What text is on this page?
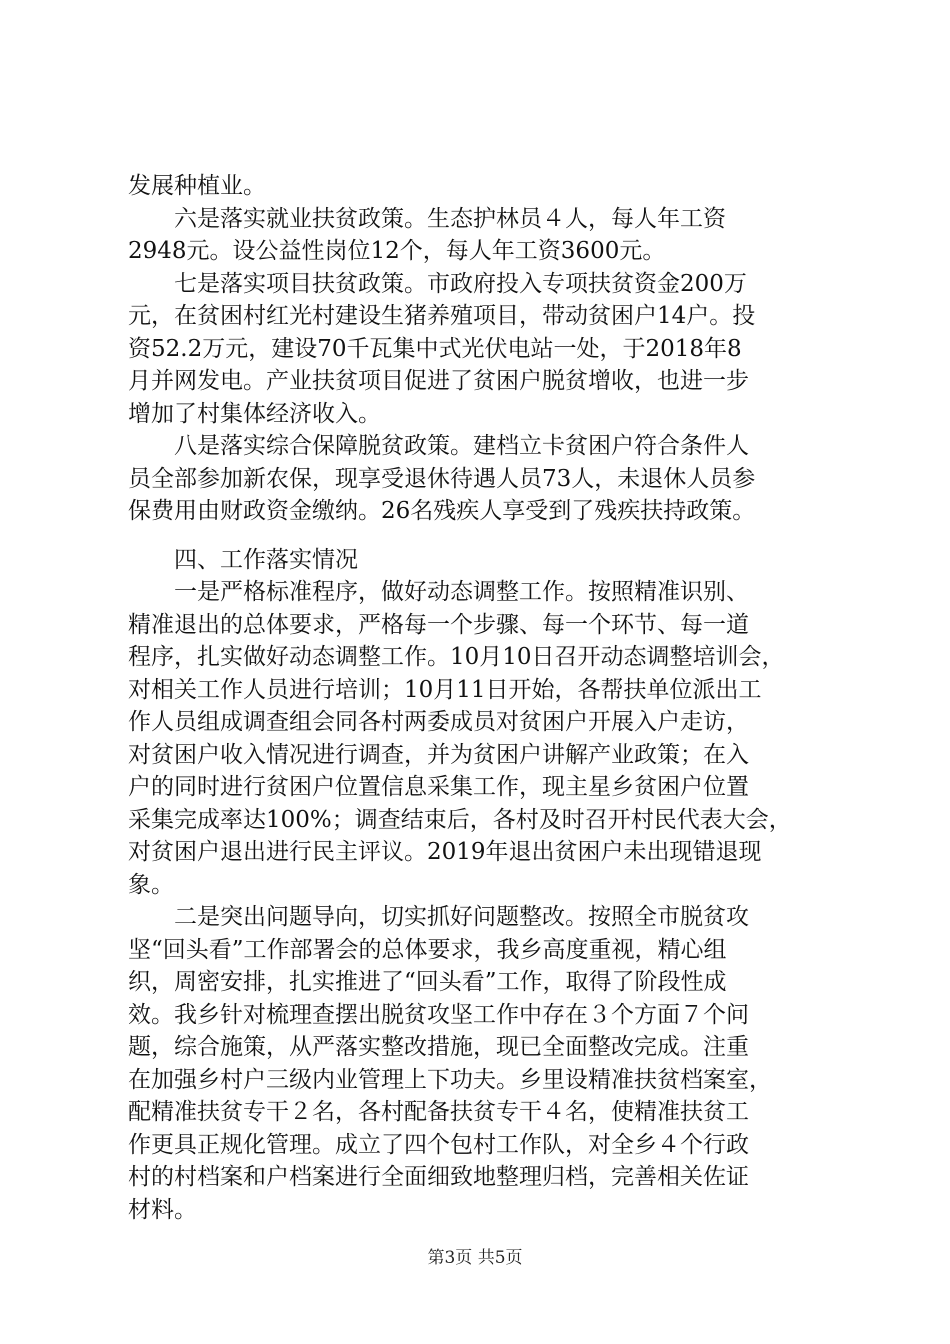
发展种植业。
　　六是落实就业扶贫政策。生态护林员４人，每人年工资
2948元。设公益性岗位12个，每人年工资3600元。
　　七是落实项目扶贫政策。市政府投入专项扶贫资金200万
元，在贫困村红光村建设生猪养殖项目，带动贫困户14户。投
资52.2万元，建设70千瓦集中式光伏电站一处，于2018年8
月并网发电。产业扶贫项目促进了贫困户脱贫增收，也进一步
增加了村集体经济收入。
　　八是落实综合保障脱贫政策。建档立卡贫困户符合条件人
员全部参加新农保，现享受退休待遇人员73人，未退休人员参
保费用由财政资金缴纳。26名残疾人享受到了残疾扶持政策。
　　四、工作落实情况
　　一是严格标准程序，做好动态调整工作。按照精准识别、
精准退出的总体要求，严格每一个步骤、每一个环节、每一道
程序，扎实做好动态调整工作。10月10日召开动态调整培训会，
对相关工作人员进行培训；10月11日开始，各帮扶单位派出工
作人员组成调查组会同各村两委成员对贫困户开展入户走访，
对贫困户收入情况进行调查，并为贫困户讲解产业政策；在入
户的同时进行贫困户位置信息采集工作，现主星乡贫困户位置
采集完成率达100%；调查结束后，各村及时召开村民代表大会，
对贫困户退出进行民主评议。2019年退出贫困户未出现错退现
象。
　　二是突出问题导向，切实抓好问题整改。按照全市脱贫攻
坚“回头看”工作部署会的总体要求，我乡高度重视，精心组
织，周密安排，扎实推进了“回头看”工作，取得了阶段性成
效。我乡针对梳理查摆出脱贫攻坚工作中存在３个方面７个问
题，综合施策，从严落实整改措施，现已全面整改完成。注重
在加强乡村户三级内业管理上下功夫。乡里设精准扶贫档案室，
配精准扶贫专干２名，各村配备扶贫专干４名，使精准扶贫工
作更具正规化管理。成立了四个包村工作队，对全乡４个行政
村的村档案和户档案进行全面细致地整理归档，完善相关佐证
材料。
第3页 共5页
